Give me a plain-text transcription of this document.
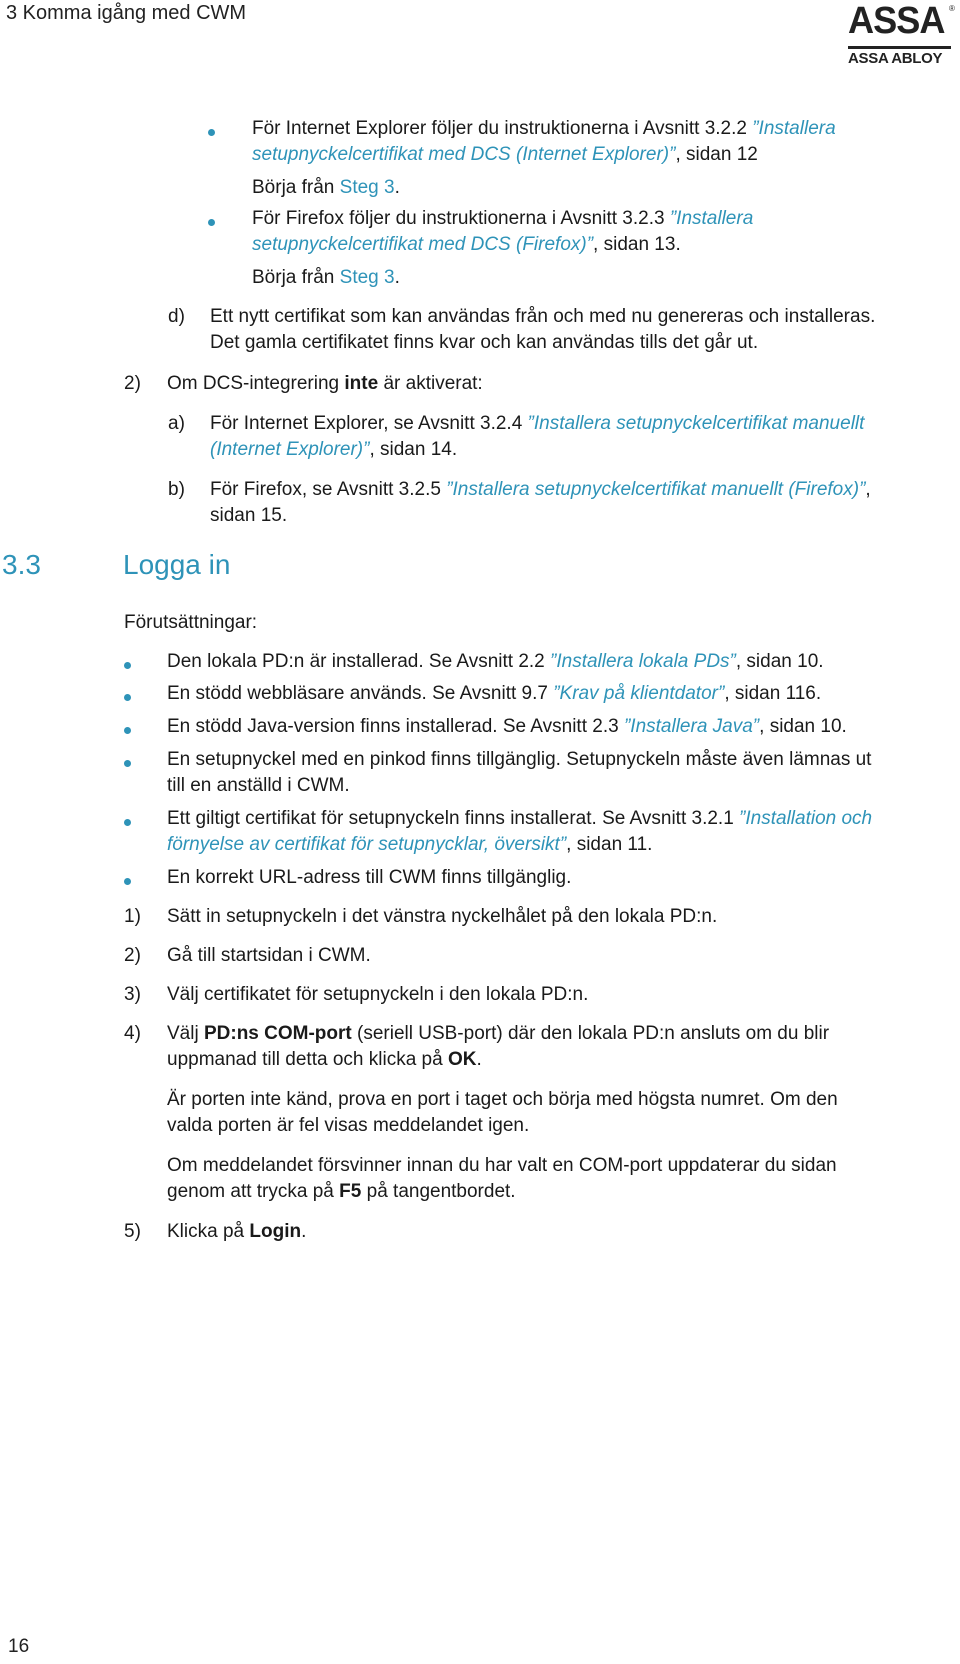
3 Komma igång med CWM	ASSA ®
ASSA ABLOY
För Internet Explorer följer du instruktionerna i Avsnitt 3.2.2 ”Installera
setupnyckelcertifikat med DCS (Internet Explorer)”, sidan 12
Börja från Steg 3.
För Firefox följer du instruktionerna i Avsnitt 3.2.3 ”Installera
setupnyckelcertifikat med DCS (Firefox)”, sidan 13.
Börja från Steg 3.
d) Ett nytt certifikat som kan användas från och med nu genereras och installeras.
Det gamla certifikatet finns kvar och kan användas tills det går ut.
2) Om DCS-integrering inte är aktiverat:
a) För Internet Explorer, se Avsnitt 3.2.4 ”Installera setupnyckelcertifikat manuellt
(Internet Explorer)”, sidan 14.
b) För Firefox, se Avsnitt 3.2.5 ”Installera setupnyckelcertifikat manuellt (Firefox)”,
sidan 15.
3.3	Logga in
Förutsättningar:
Den lokala PD:n är installerad. Se Avsnitt 2.2 ”Installera lokala PDs”, sidan 10.
En stödd webbläsare används. Se Avsnitt 9.7 ”Krav på klientdator”, sidan 116.
En stödd Java-version finns installerad. Se Avsnitt 2.3 ”Installera Java”, sidan 10.
En setupnyckel med en pinkod finns tillgänglig. Setupnyckeln måste även lämnas ut
till en anställd i CWM.
Ett giltigt certifikat för setupnyckeln finns installerat. Se Avsnitt 3.2.1 ”Installation och
förnyelse av certifikat för setupnycklar, översikt”, sidan 11.
En korrekt URL-adress till CWM finns tillgänglig.
1) Sätt in setupnyckeln i det vänstra nyckelhålet på den lokala PD:n.
2) Gå till startsidan i CWM.
3) Välj certifikatet för setupnyckeln i den lokala PD:n.
4) Välj PD:ns COM-port (seriell USB-port) där den lokala PD:n ansluts om du blir
uppmanad till detta och klicka på OK.
Är porten inte känd, prova en port i taget och börja med högsta numret. Om den
valda porten är fel visas meddelandet igen.
Om meddelandet försvinner innan du har valt en COM-port uppdaterar du sidan
genom att trycka på F5 på tangentbordet.
5) Klicka på Login.
16
